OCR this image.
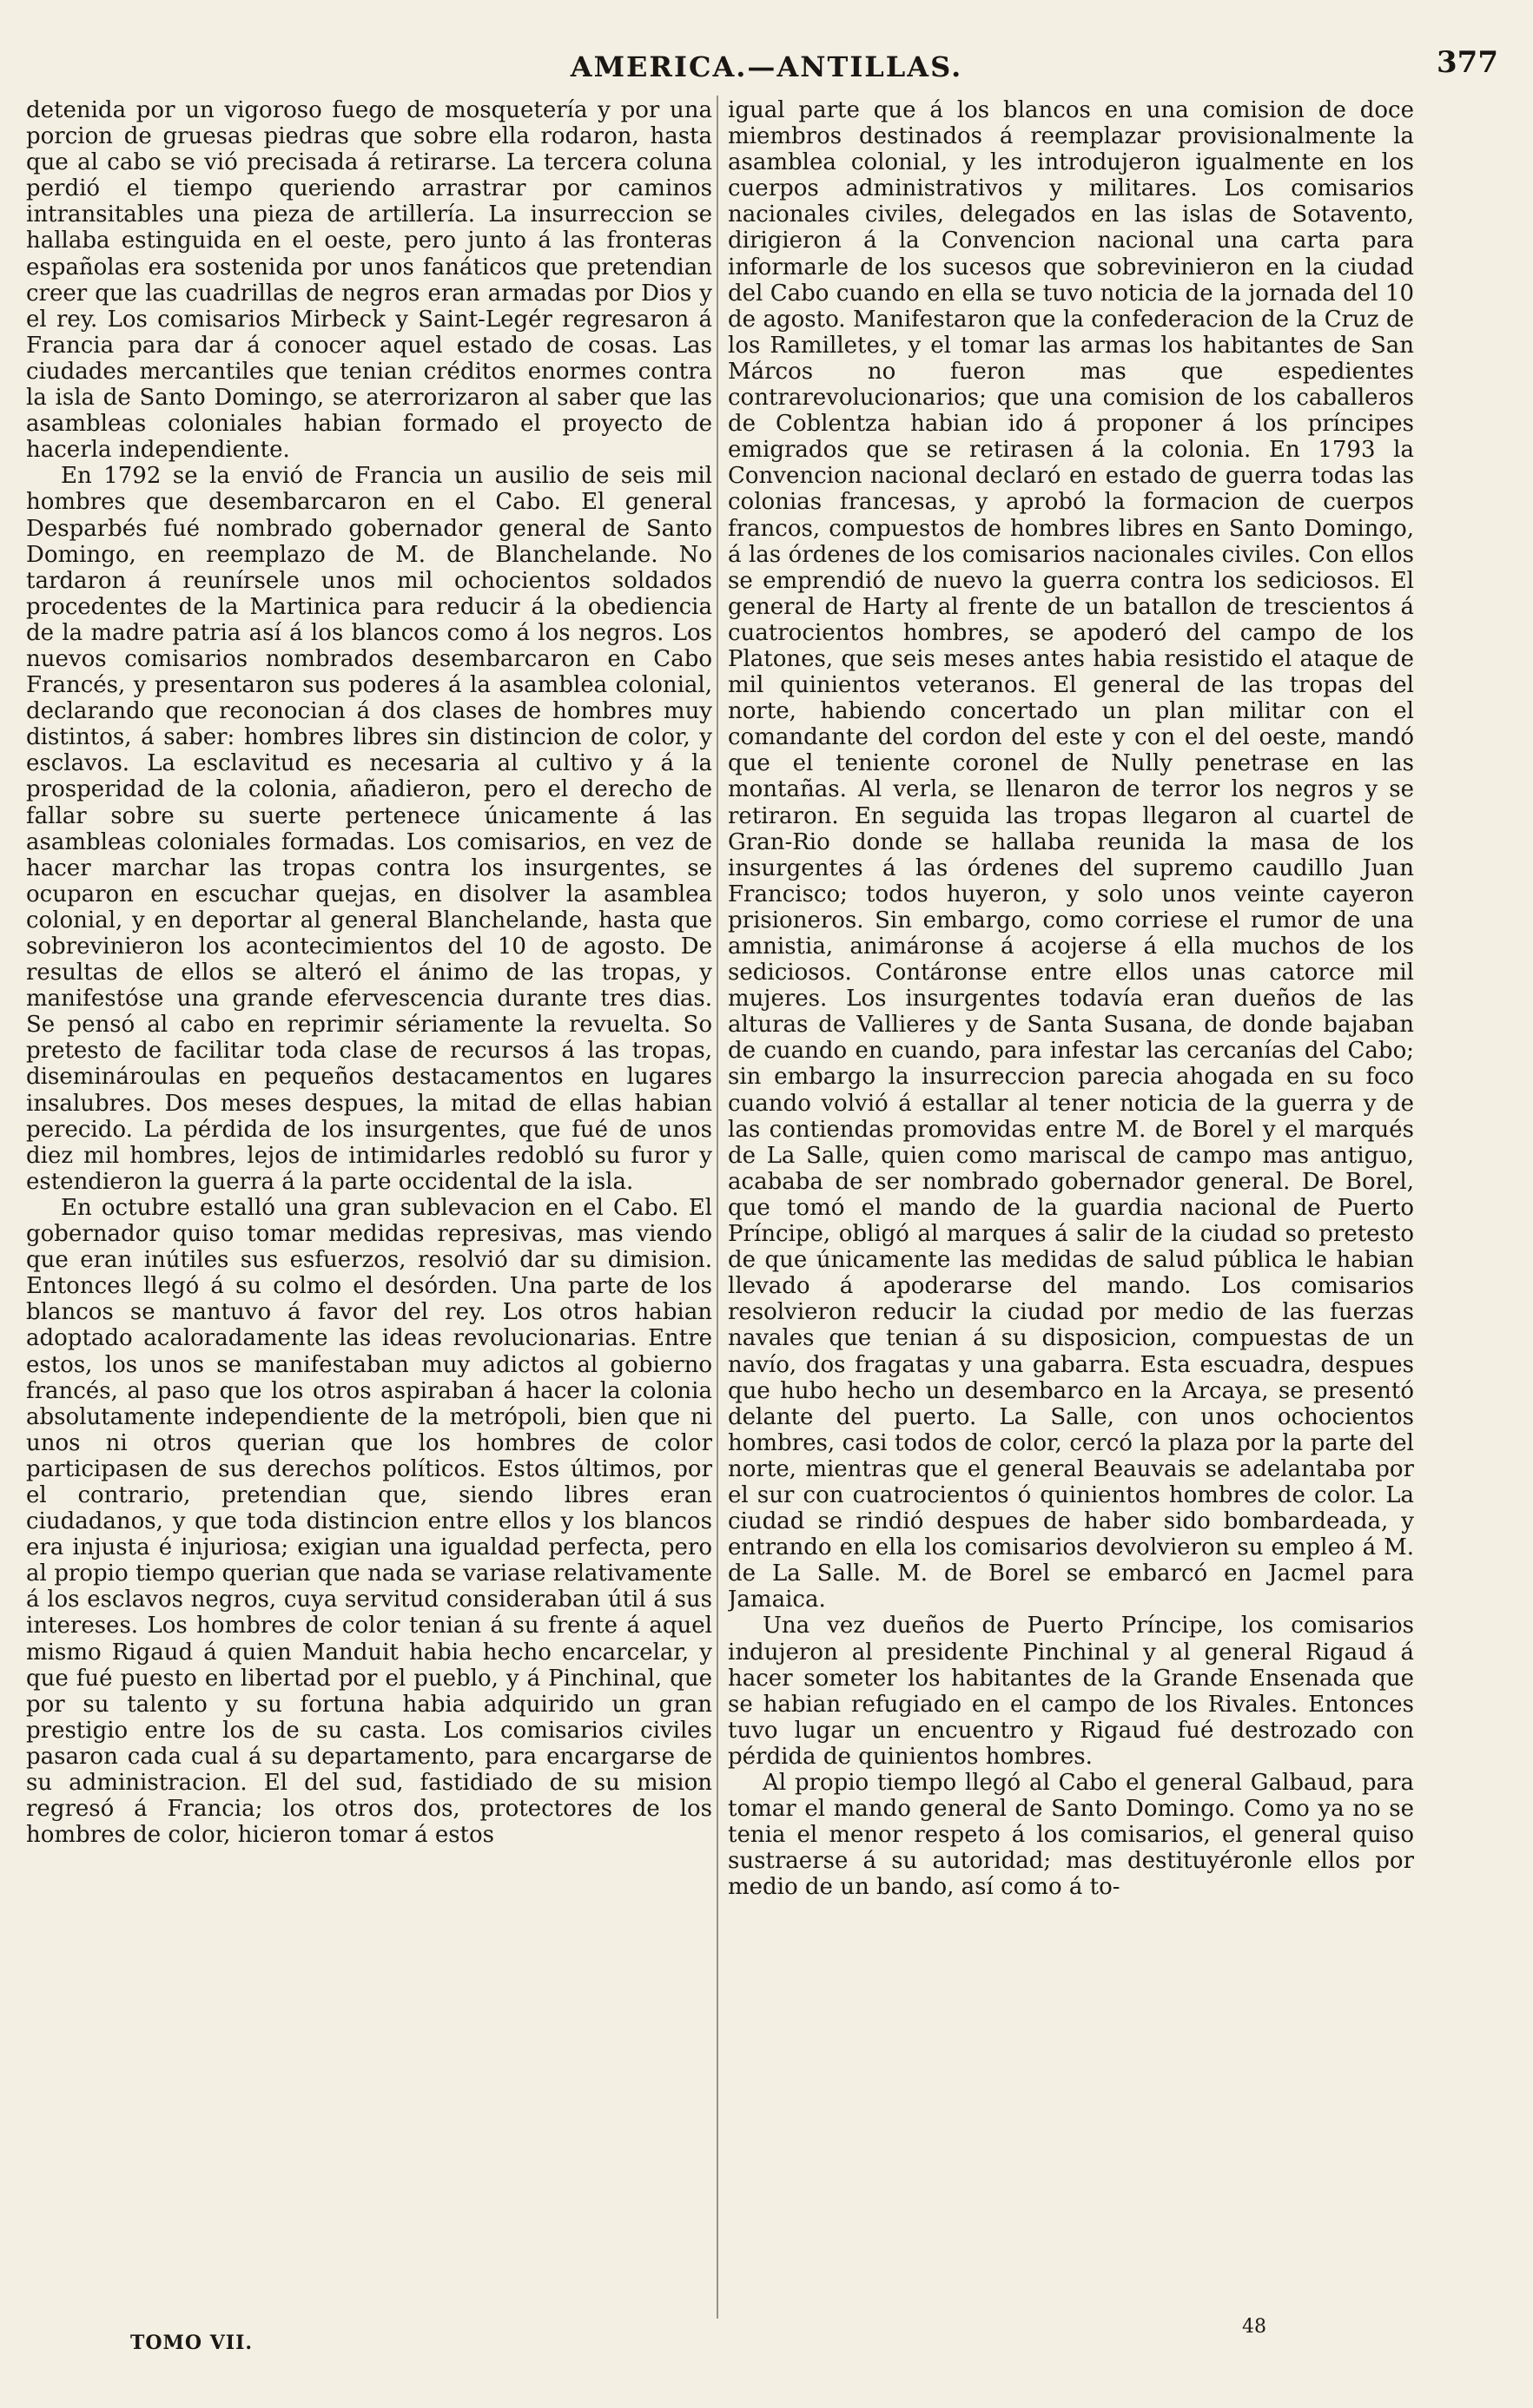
AMERICA.—ANTILLAS.	377

detenida por un vigoroso fuego de mosquetería y por una porcion de gruesas piedras que sobre ella rodaron, hasta que al cabo se vió precisada á retirarse. La tercera coluna perdió el tiempo queriendo arrastrar por caminos intransitables una pieza de artillería. La insurreccion se hallaba estinguida en el oeste, pero junto á las fronteras españolas era sostenida por unos fanáticos que pretendian creer que las cuadrillas de negros eran armadas por Dios y el rey. Los comisarios Mirbeck y Saint-Legér regresaron á Francia para dar á conocer aquel estado de cosas. Las ciudades mercantiles que tenian créditos enormes contra la isla de Santo Domingo, se aterrorizaron al saber que las asambleas coloniales habian formado el proyecto de hacerla independiente.

En 1792 se la envió de Francia un ausilio de seis mil hombres que desembarcaron en el Cabo. El general Desparbés fué nombrado gobernador general de Santo Domingo, en reemplazo de M. de Blanchelande. No tardaron á reunírsele unos mil ochocientos soldados procedentes de la Martinica para reducir á la obediencia de la madre patria así á los blancos como á los negros. Los nuevos comisarios nombrados desembarcaron en Cabo Francés, y presentaron sus poderes á la asamblea colonial, declarando que reconocian á dos clases de hombres muy distintos, á saber: hombres libres sin distincion de color, y esclavos. La esclavitud es necesaria al cultivo y á la prosperidad de la colonia, añadieron, pero el derecho de fallar sobre su suerte pertenece únicamente á las asambleas coloniales formadas. Los comisarios, en vez de hacer marchar las tropas contra los insurgentes, se ocuparon en escuchar quejas, en disolver la asamblea colonial, y en deportar al general Blanchelande, hasta que sobrevinieron los acontecimientos del 10 de agosto. De resultas de ellos se alteró el ánimo de las tropas, y manifestóse una grande efervescencia durante tres dias. Se pensó al cabo en reprimir sériamente la revuelta. So pretesto de facilitar toda clase de recursos á las tropas, diseminároulas en pequeños destacamentos en lugares insalubres. Dos meses despues, la mitad de ellas habian perecido. La pérdida de los insurgentes, que fué de unos diez mil hombres, lejos de intimidarles redobló su furor y estendieron la guerra á la parte occidental de la isla.

En octubre estalló una gran sublevacion en el Cabo. El gobernador quiso tomar medidas represivas, mas viendo que eran inútiles sus esfuerzos, resolvió dar su dimision. Entonces llegó á su colmo el desórden. Una parte de los blancos se mantuvo á favor del rey. Los otros habian adoptado acaloradamente las ideas revolucionarias. Entre estos, los unos se manifestaban muy adictos al gobierno francés, al paso que los otros aspiraban á hacer la colonia absolutamente independiente de la metrópoli, bien que ni unos ni otros querian que los hombres de color participasen de sus derechos políticos. Estos últimos, por el contrario, pretendian que, siendo libres eran ciudadanos, y que toda distincion entre ellos y los blancos era injusta é injuriosa; exigian una igualdad perfecta, pero al propio tiempo querian que nada se variase relativamente á los esclavos negros, cuya servitud consideraban útil á sus intereses. Los hombres de color tenian á su frente á aquel mismo Rigaud á quien Manduit habia hecho encarcelar, y que fué puesto en libertad por el pueblo, y á Pinchinal, que por su talento y su fortuna habia adquirido un gran prestigio entre los de su casta. Los comisarios civiles pasaron cada cual á su departamento, para encargarse de su administracion. El del sud, fastidiado de su mision regresó á Francia; los otros dos, protectores de los hombres de color, hicieron tomar á estos

igual parte que á los blancos en una comision de doce miembros destinados á reemplazar provisionalmente la asamblea colonial, y les introdujeron igualmente en los cuerpos administrativos y militares. Los comisarios nacionales civiles, delegados en las islas de Sotavento, dirigieron á la Convencion nacional una carta para informarle de los sucesos que sobrevinieron en la ciudad del Cabo cuando en ella se tuvo noticia de la jornada del 10 de agosto. Manifestaron que la confederacion de la Cruz de los Ramilletes, y el tomar las armas los habitantes de San Márcos no fueron mas que espedientes contrarevolucionarios; que una comision de los caballeros de Coblentza habian ido á proponer á los príncipes emigrados que se retirasen á la colonia. En 1793 la Convencion nacional declaró en estado de guerra todas las colonias francesas, y aprobó la formacion de cuerpos francos, compuestos de hombres libres en Santo Domingo, á las órdenes de los comisarios nacionales civiles. Con ellos se emprendió de nuevo la guerra contra los sediciosos. El general de Harty al frente de un batallon de trescientos á cuatrocientos hombres, se apoderó del campo de los Platones, que seis meses antes habia resistido el ataque de mil quinientos veteranos. El general de las tropas del norte, habiendo concertado un plan militar con el comandante del cordon del este y con el del oeste, mandó que el teniente coronel de Nully penetrase en las montañas. Al verla, se llenaron de terror los negros y se retiraron. En seguida las tropas llegaron al cuartel de Gran-Rio donde se hallaba reunida la masa de los insurgentes á las órdenes del supremo caudillo Juan Francisco; todos huyeron, y solo unos veinte cayeron prisioneros. Sin embargo, como corriese el rumor de una amnistia, animáronse á acojerse á ella muchos de los sediciosos. Contáronse entre ellos unas catorce mil mujeres. Los insurgentes todavía eran dueños de las alturas de Vallieres y de Santa Susana, de donde bajaban de cuando en cuando, para infestar las cercanías del Cabo; sin embargo la insurreccion parecia ahogada en su foco cuando volvió á estallar al tener noticia de la guerra y de las contiendas promovidas entre M. de Borel y el marqués de La Salle, quien como mariscal de campo mas antiguo, acababa de ser nombrado gobernador general. De Borel, que tomó el mando de la guardia nacional de Puerto Príncipe, obligó al marques á salir de la ciudad so pretesto de que únicamente las medidas de salud pública le habian llevado á apoderarse del mando. Los comisarios resolvieron reducir la ciudad por medio de las fuerzas navales que tenian á su disposicion, compuestas de un navío, dos fragatas y una gabarra. Esta escuadra, despues que hubo hecho un desembarco en la Arcaya, se presentó delante del puerto. La Salle, con unos ochocientos hombres, casi todos de color, cercó la plaza por la parte del norte, mientras que el general Beauvais se adelantaba por el sur con cuatrocientos ó quinientos hombres de color. La ciudad se rindió despues de haber sido bombardeada, y entrando en ella los comisarios devolvieron su empleo á M. de La Salle. M. de Borel se embarcó en Jacmel para Jamaica.

Una vez dueños de Puerto Príncipe, los comisarios indujeron al presidente Pinchinal y al general Rigaud á hacer someter los habitantes de la Grande Ensenada que se habian refugiado en el campo de los Rivales. Entonces tuvo lugar un encuentro y Rigaud fué destrozado con pérdida de quinientos hombres.

Al propio tiempo llegó al Cabo el general Galbaud, para tomar el mando general de Santo Domingo. Como ya no se tenia el menor respeto á los comisarios, el general quiso sustraerse á su autoridad; mas destituyéronle ellos por medio de un bando, así como á to-

TOMO VII.
48
